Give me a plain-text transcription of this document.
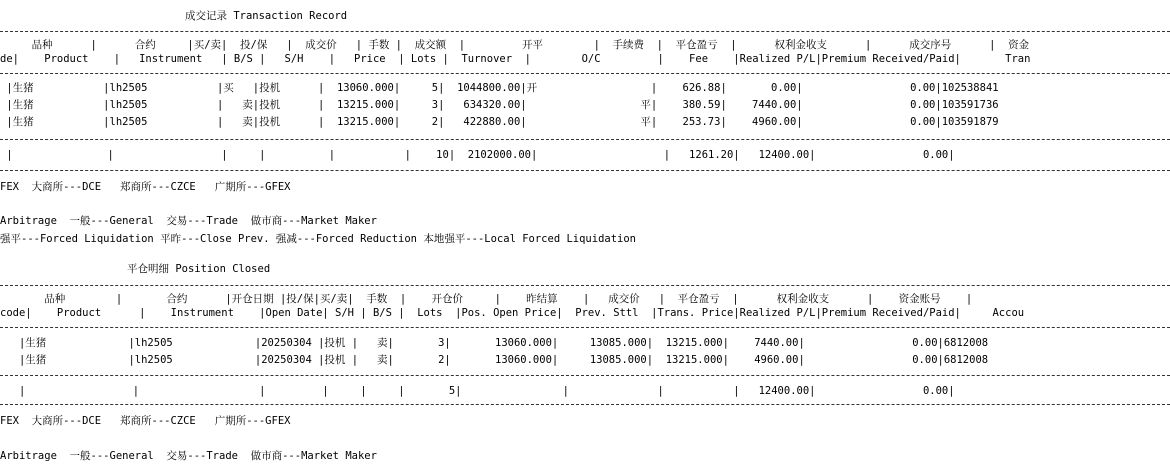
成交记录 Transaction Record
品种      |      合约     |买/卖|  投/保   |  成交价   | 手数 |  成交额  |         开平        |  手续费  |  平仓盈亏  |      权利金收支      |      成交序号      |  资金
de|    Product    |   Instrument   | B/S |   S/H    |   Price  | Lots |  Turnover  |        O/C         |    Fee    |Realized P/L|Premium Received/Paid|       Tran
|生猪           |lh2505           |买   |投机      |  13060.000|     5|  1044800.00|开                  |    626.88|       0.00|                 0.00|102538841
|生猪           |lh2505           |   卖|投机      |  13215.000|     3|   634320.00|                  平|    380.59|    7440.00|                 0.00|103591736
|生猪           |lh2505           |   卖|投机      |  13215.000|     2|   422880.00|                  平|    253.73|    4960.00|                 0.00|103591879
|               |                 |     |          |           |    10|  2102000.00|                    |   1261.20|   12400.00|                 0.00|
FEX  大商所---DCE   郑商所---CZCE   广期所---GFEX
Arbitrage  一般---General  交易---Trade  做市商---Market Maker
强平---Forced Liquidation 平昨---Close Prev. 强减---Forced Reduction 本地强平---Local Forced Liquidation
平仓明细 Position Closed
品种        |       合约      |开仓日期 |投/保|买/卖|  手数  |    开仓价     |    昨结算    |   成交价   |  平仓盈亏  |      权利金收支      |    资金账号    |
code|    Product      |    Instrument    |Open Date| S/H | B/S |  Lots  |Pos. Open Price|  Prev. Sttl  |Trans. Price|Realized P/L|Premium Received/Paid|     Accou
|生猪             |lh2505             |20250304 |投机 |   卖|       3|       13060.000|     13085.000|  13215.000|    7440.00|                 0.00|6812008
|生猪             |lh2505             |20250304 |投机 |   卖|       2|       13060.000|     13085.000|  13215.000|    4960.00|                 0.00|6812008
|                 |                   |         |     |     |       5|                |              |           |   12400.00|                 0.00|
FEX  大商所---DCE   郑商所---CZCE   广期所---GFEX
Arbitrage  一般---General  交易---Trade  做市商---Market Maker
